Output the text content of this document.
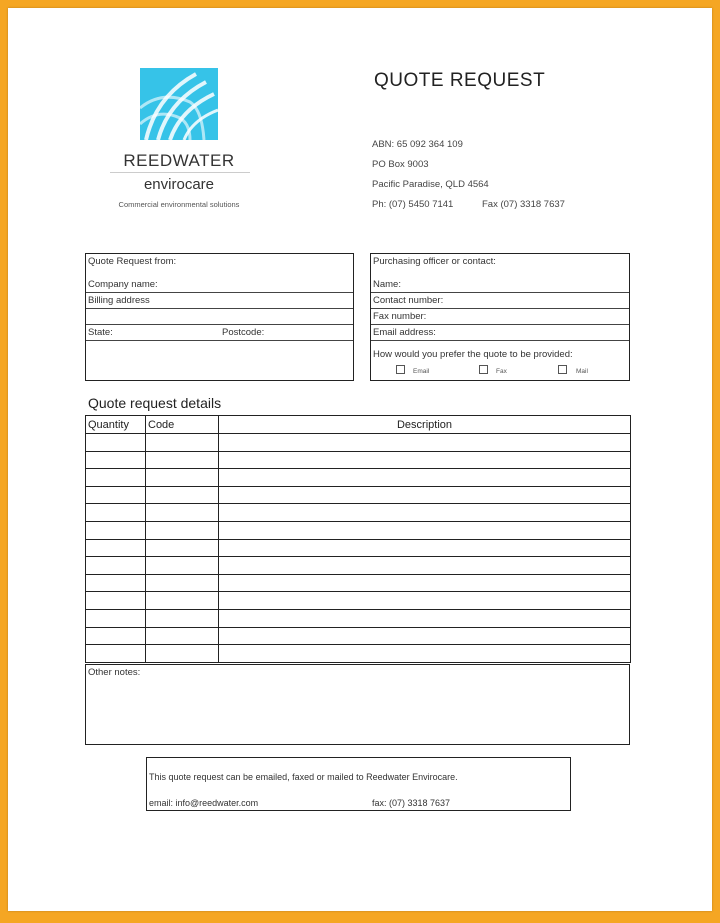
REEDWATER
envirocare
Commercial environmental solutions
QUOTE REQUEST
ABN: 65 092 364 109
PO Box 9003
Pacific Paradise, QLD 4564
Ph: (07) 5450 7141	Fax (07) 3318 7637
Quote Request from:
Company name:
Billing address
State:	Postcode:
Purchasing officer or contact:
Name:
Contact number:
Fax number:
Email address:
How would you prefer the quote to be provided:
Email	Fax	Mail
Quote request details
Quantity	Code	Description

Other notes:
This quote request can be emailed, faxed or mailed to Reedwater Envirocare.
email: info@reedwater.com	fax: (07) 3318 7637
